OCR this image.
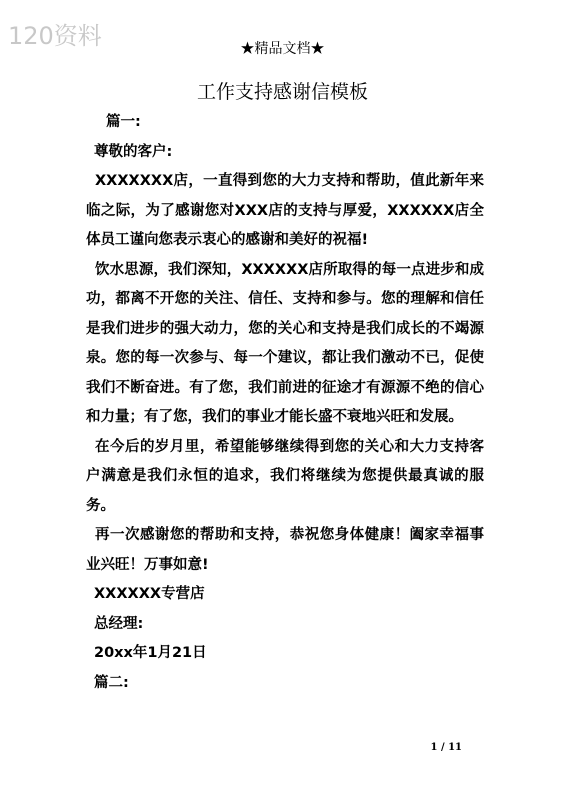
120资料	★精品文档★
工作支持感谢信模板

篇一:

尊敬的客户:

XXXXXXX店，一直得到您的大力支持和帮助，值此新年来临之际，为了感谢您对XXX店的支持与厚爱，XXXXXX店全体员工谨向您表示衷心的感谢和美好的祝福!

饮水思源，我们深知，XXXXXX店所取得的每一点进步和成功，都离不开您的关注、信任、支持和参与。您的理解和信任是我们进步的强大动力，您的关心和支持是我们成长的不竭源泉。您的每一次参与、每一个建议，都让我们激动不已，促使我们不断奋进。有了您，我们前进的征途才有源源不绝的信心和力量；有了您，我们的事业才能长盛不衰地兴旺和发展。

在今后的岁月里，希望能够继续得到您的关心和大力支持客户满意是我们永恒的追求，我们将继续为您提供最真诚的服务。

再一次感谢您的帮助和支持，恭祝您身体健康！阖家幸福事业兴旺！万事如意!

XXXXXX专营店

总经理:

20xx年1月21日

篇二:

1 / 11
